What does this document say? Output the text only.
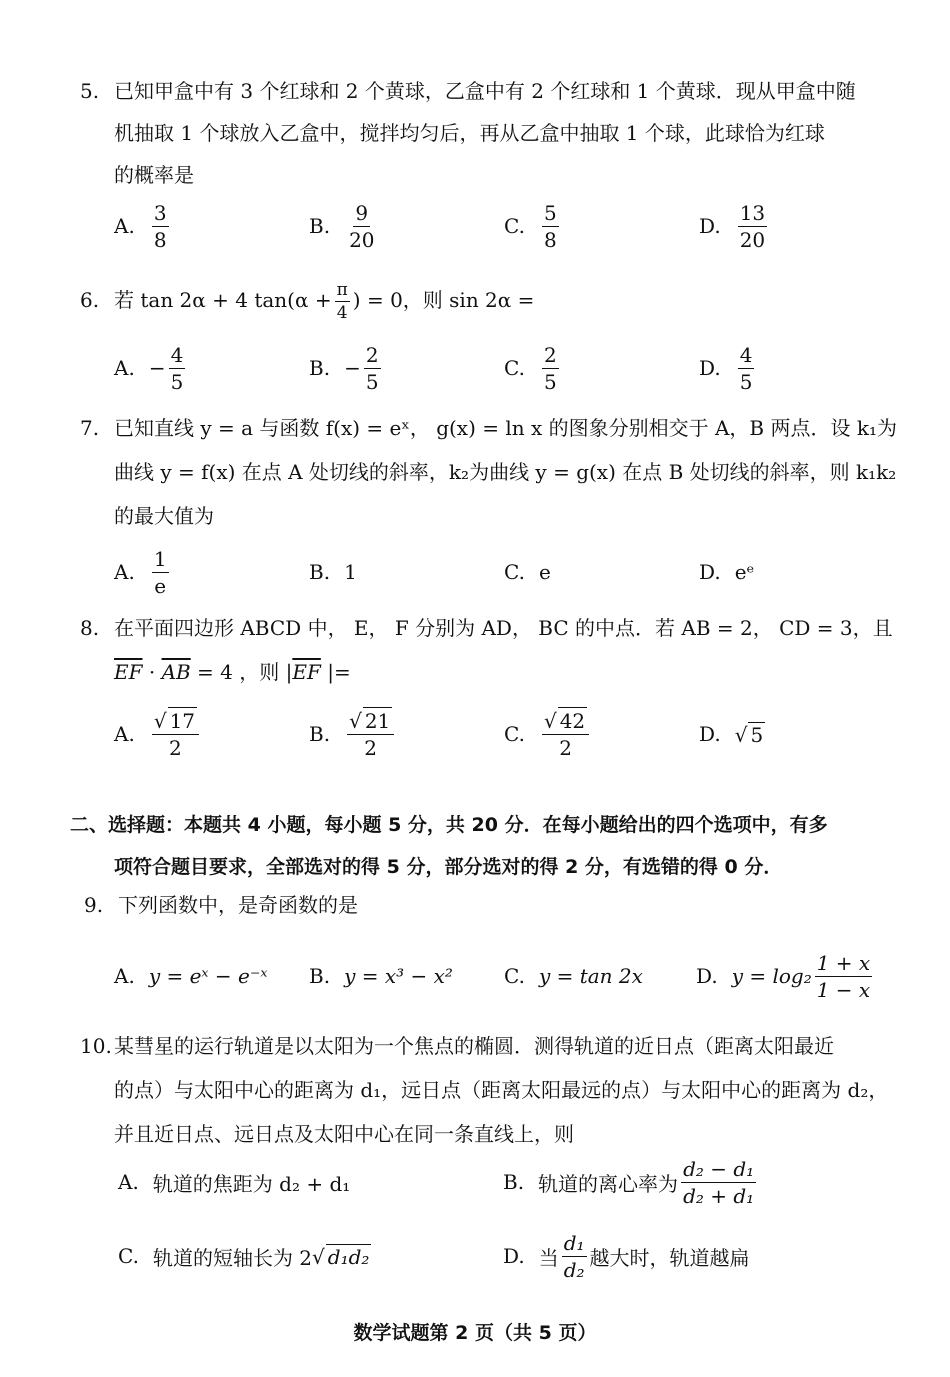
5. 已知甲盒中有 3 个红球和 2 个黄球，乙盒中有 2 个红球和 1 个黄球．现从甲盒中随
机抽取 1 个球放入乙盒中，搅拌均匀后，再从乙盒中抽取 1 个球，此球恰为红球
的概率是
A. $\frac{3}{8}$	B. $\frac{9}{20}$	C. $\frac{5}{8}$	D. $\frac{13}{20}$
6. 若 tan 2α + 4 $\tan(\alpha + \frac{\pi}{4}$ ) = 0，则 sin 2α =
A. − $\frac{4}{5}$	B. − $\frac{2}{5}$	C. $\frac{2}{5}$	D. $\frac{4}{5}$
7. 已知直线 y = a 与函数 f(x) = eˣ， g(x) = ln x 的图象分别相交于 A，B 两点．设 k₁为
曲线 y = f(x) 在点 A 处切线的斜率，k₂为曲线 y = g(x) 在点 B 处切线的斜率，则 k₁k₂
的最大值为
A. $\frac{1}{e}$	B. 1	C. e	D. eᵉ
8. 在平面四边形 ABCD 中， E， F 分别为 AD， BC 的中点．若 AB = 2， CD = 3，且
$\overline{EF} \cdot \overline{AB} = 4$ ，则 $|\overline{EF}$ |=
A. $\frac{√ 17}{2}$	B. $\frac{√ 21}{2}$	C. $\frac{√ 42}{2}$	D. √ 5
二、选择题：本题共 4 小题，每小题 5 分，共 20 分．在每小题给出的四个选项中，有多
项符合题目要求，全部选对的得 5 分，部分选对的得 2 分，有选错的得 0 分．
9. 下列函数中，是奇函数的是
A. y = eˣ − e⁻ˣ B. y = x³ − x²	C. y = tan 2x	D. $y = \log_2 \frac{1 + x}{1 - x}$
10. 某彗星的运行轨道是以太阳为一个焦点的椭圆．测得轨道的近日点（距离太阳最近
的点）与太阳中心的距离为 d₁，远日点（距离太阳最远的点）与太阳中心的距离为 d₂，
并且近日点、远日点及太阳中心在同一条直线上，则
A. 轨道的焦距为 d₂ + d₁	B. 轨道的离心率为 $\frac{\text{d₂ − d₁}}{\text{d₂ + d₁}}$
C. 轨道的短轴长为 2 √ d₁d₂	D. 当 $\frac{\text{d₁}}{\text{d₂}}$ 越大时，轨道越扁
数学试题第 2 页（共 5 页）
